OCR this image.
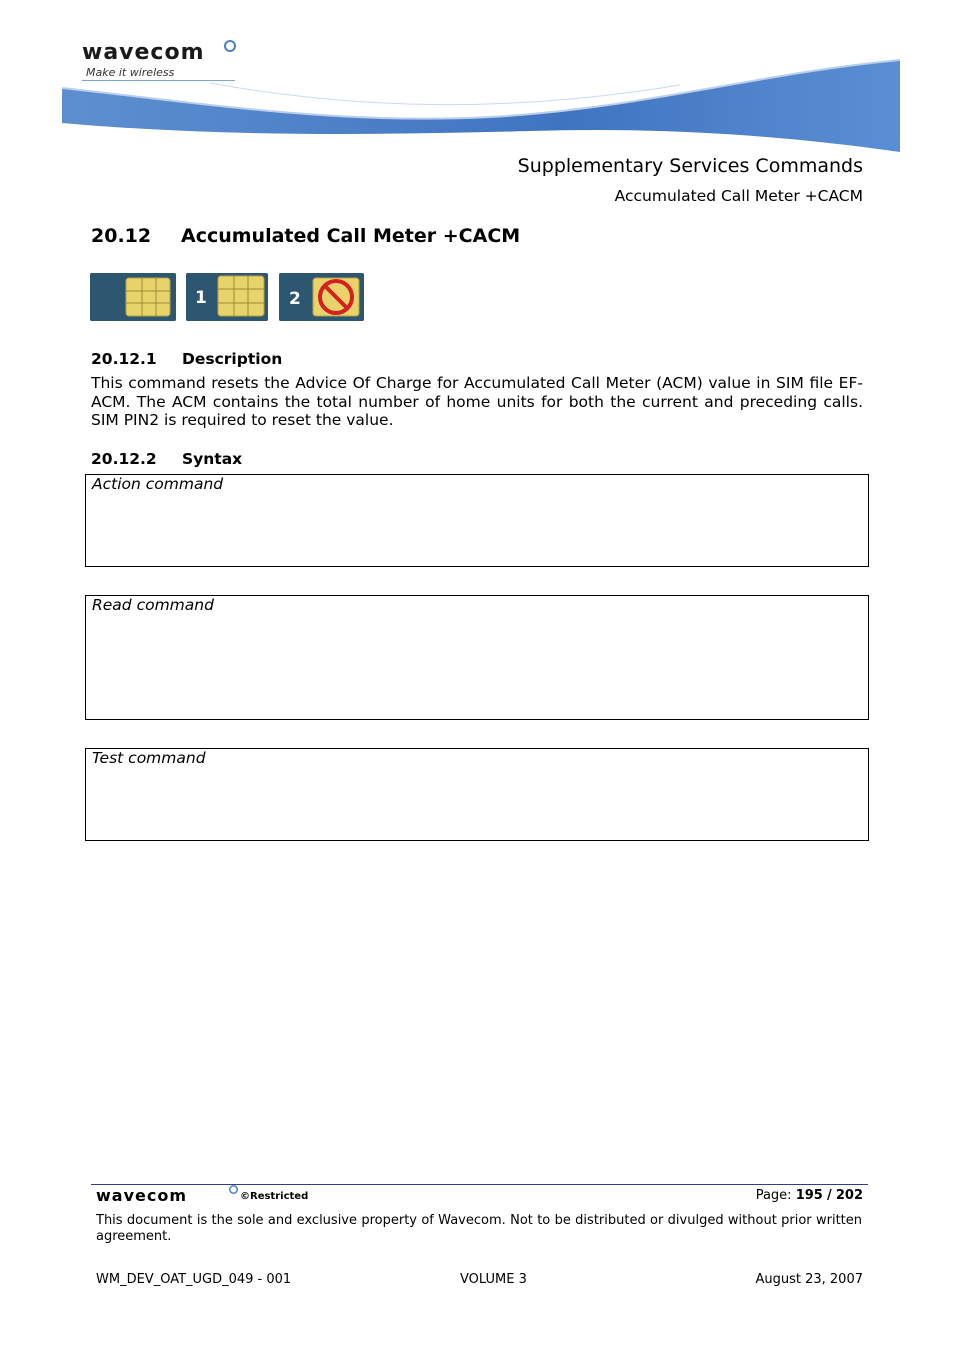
wavecom
Make it wireless
Supplementary Services Commands
Accumulated Call Meter +CACM
20.12 Accumulated Call Meter +CACM
1	2
20.12.1 Description
This command resets the Advice Of Charge for Accumulated Call Meter (ACM) value in SIM file EF-ACM. The ACM contains the total number of home units for both the current and preceding calls. SIM PIN2 is required to reset the value.
20.12.2 Syntax
Action command
Read command
Test command
wavecom	©Restricted	Page: 195 / 202
This document is the sole and exclusive property of Wavecom. Not to be distributed or divulged without prior written agreement.
WM_DEV_OAT_UGD_049 - 001	VOLUME 3	August 23, 2007
